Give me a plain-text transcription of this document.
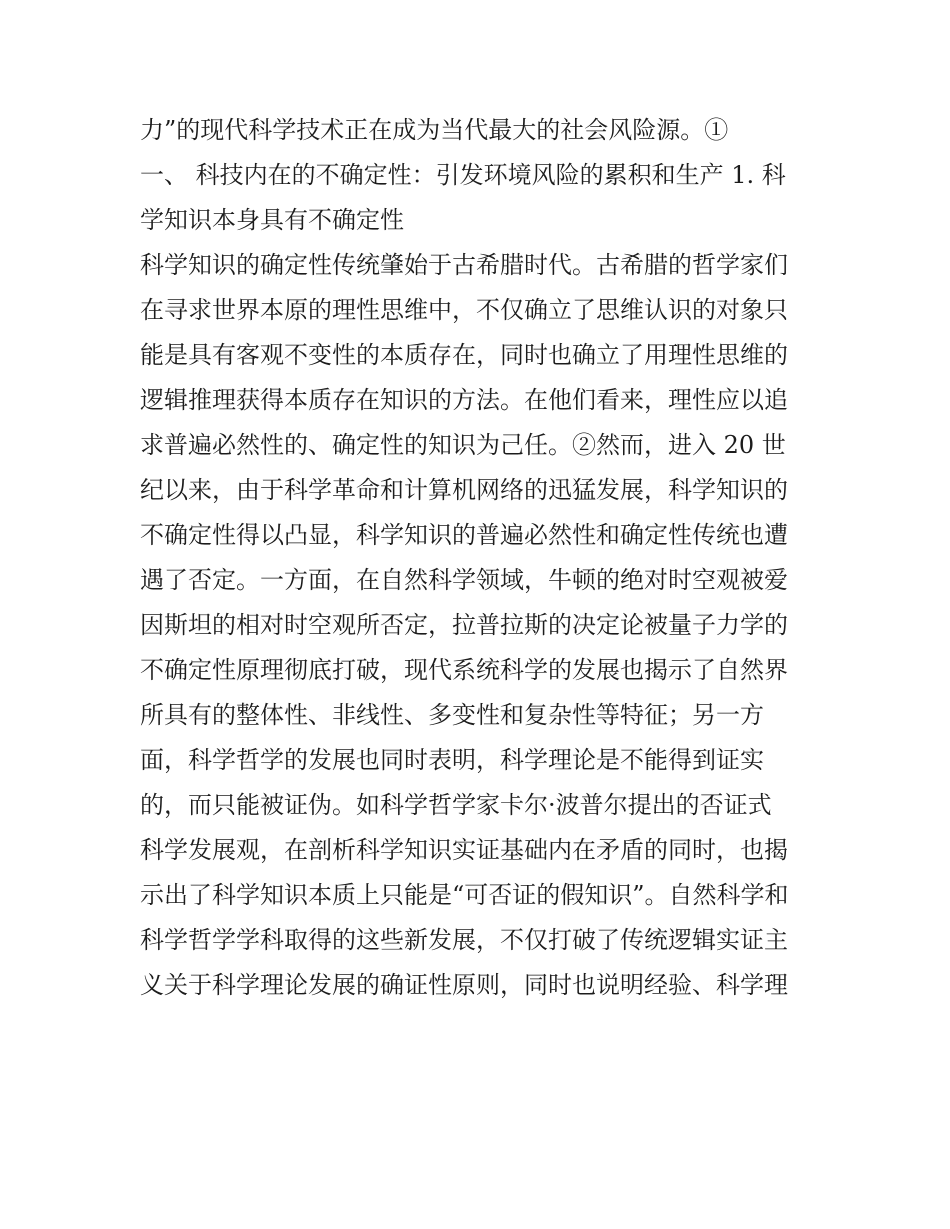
力”的现代科学技术正在成为当代最大的社会风险源。①
一、 科技内在的不确定性：引发环境风险的累积和生产 1. 科
学知识本身具有不确定性
科学知识的确定性传统肇始于古希腊时代。古希腊的哲学家们
在寻求世界本原的理性思维中，不仅确立了思维认识的对象只
能是具有客观不变性的本质存在，同时也确立了用理性思维的
逻辑推理获得本质存在知识的方法。在他们看来，理性应以追
求普遍必然性的、确定性的知识为己任。②然而，进入 20 世
纪以来，由于科学革命和计算机网络的迅猛发展，科学知识的
不确定性得以凸显，科学知识的普遍必然性和确定性传统也遭
遇了否定。一方面，在自然科学领域，牛顿的绝对时空观被爱
因斯坦的相对时空观所否定，拉普拉斯的决定论被量子力学的
不确定性原理彻底打破，现代系统科学的发展也揭示了自然界
所具有的整体性、非线性、多变性和复杂性等特征；另一方
面，科学哲学的发展也同时表明，科学理论是不能得到证实
的，而只能被证伪。如科学哲学家卡尔·波普尔提出的否证式
科学发展观，在剖析科学知识实证基础内在矛盾的同时，也揭
示出了科学知识本质上只能是“可否证的假知识”。自然科学和
科学哲学学科取得的这些新发展，不仅打破了传统逻辑实证主
义关于科学理论发展的确证性原则，同时也说明经验、科学理
